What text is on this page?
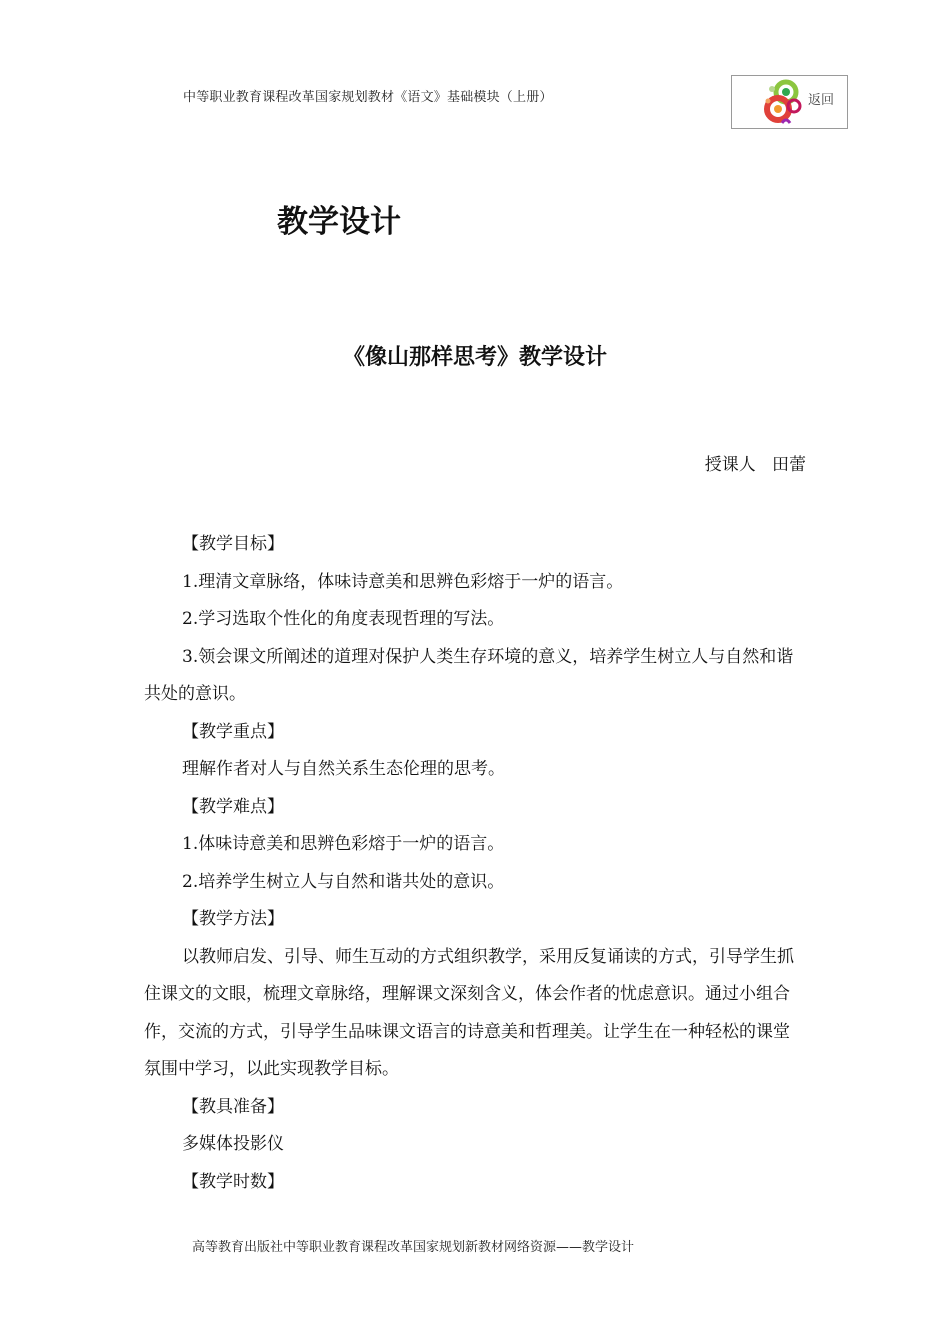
中等职业教育课程改革国家规划教材《语文》基础模块（上册）	返回
教学设计
《像山那样思考》教学设计
授课人   田蕾

【教学目标】

1.理清文章脉络，体味诗意美和思辨色彩熔于一炉的语言。

2.学习选取个性化的角度表现哲理的写法。

3.领会课文所阐述的道理对保护人类生存环境的意义，培养学生树立人与自然和谐共处的意识。

【教学重点】

理解作者对人与自然关系生态伦理的思考。

【教学难点】

1.体味诗意美和思辨色彩熔于一炉的语言。

2.培养学生树立人与自然和谐共处的意识。

【教学方法】

以教师启发、引导、师生互动的方式组织教学，采用反复诵读的方式，引导学生抓住课文的文眼，梳理文章脉络，理解课文深刻含义，体会作者的忧虑意识。通过小组合作，交流的方式，引导学生品味课文语言的诗意美和哲理美。让学生在一种轻松的课堂氛围中学习，以此实现教学目标。

【教具准备】

多媒体投影仪

【教学时数】

高等教育出版社中等职业教育课程改革国家规划新教材网络资源——教学设计
